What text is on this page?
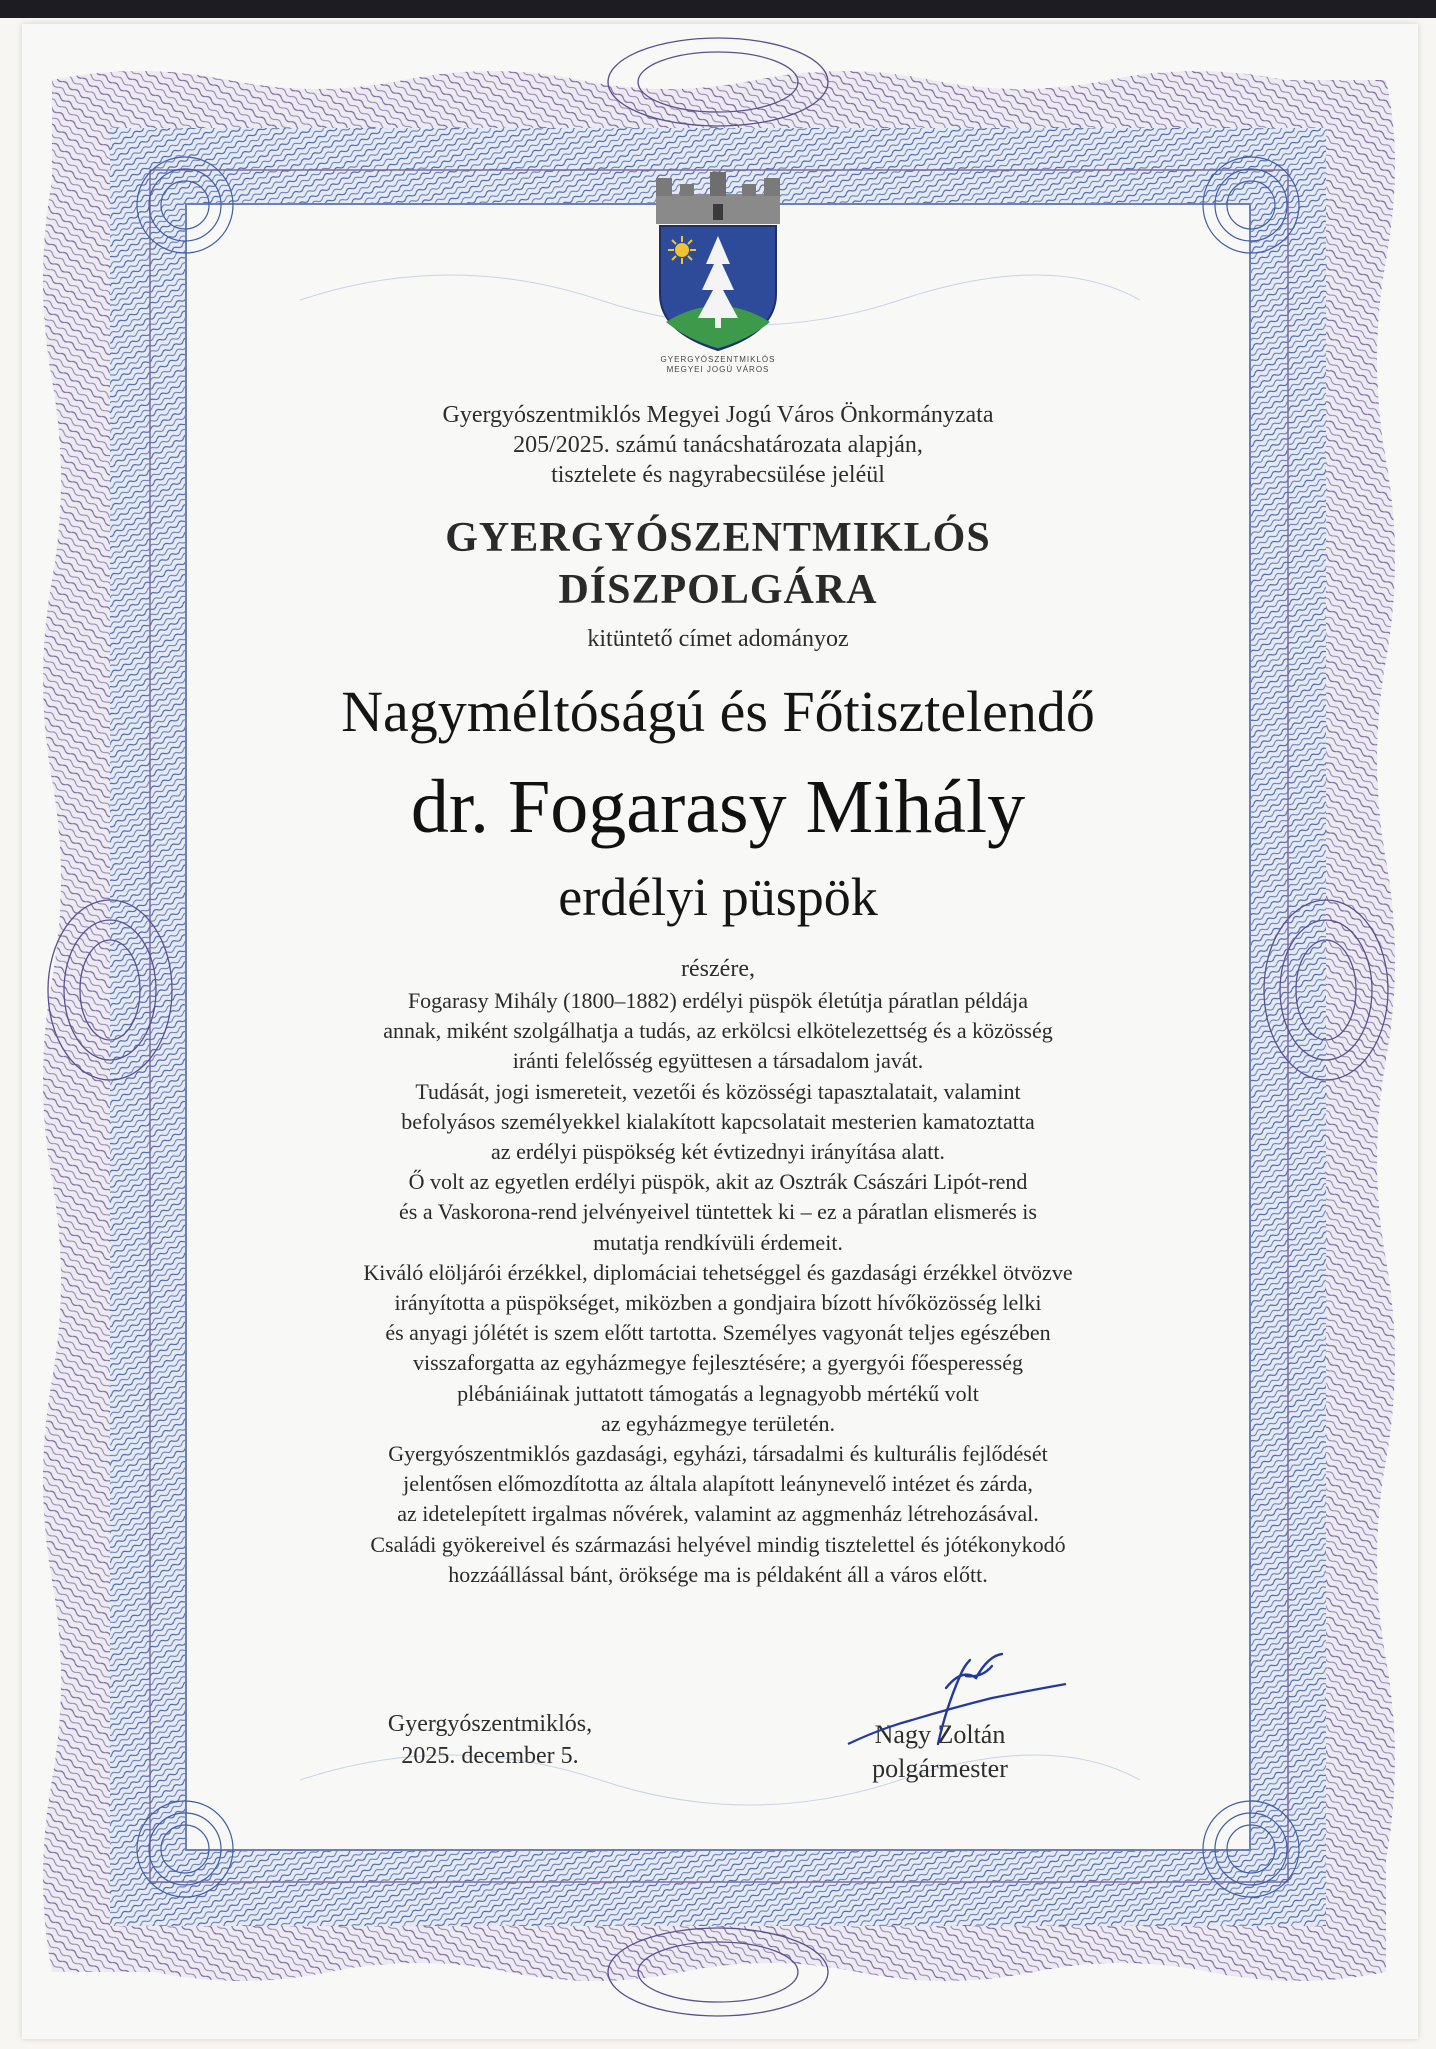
GYERGYÓSZENTMIKLÓS
MEGYEI JOGÚ VÁROS
Gyergyószentmiklós Megyei Jogú Város Önkormányzata
205/2025. számú tanácshatározata alapján,
tisztelete és nagyrabecsülése jeléül
GYERGYÓSZENTMIKLÓS
DÍSZPOLGÁRA
kitüntető címet adományoz
Nagyméltóságú és Főtisztelendő
dr. Fogarasy Mihály
erdélyi püspök
részére,
Fogarasy Mihály (1800–1882) erdélyi püspök életútja páratlan példája
annak, miként szolgálhatja a tudás, az erkölcsi elkötelezettség és a közösség
iránti felelősség együttesen a társadalom javát.
Tudását, jogi ismereteit, vezetői és közösségi tapasztalatait, valamint
befolyásos személyekkel kialakított kapcsolatait mesterien kamatoztatta
az erdélyi püspökség két évtizednyi irányítása alatt.
Ő volt az egyetlen erdélyi püspök, akit az Osztrák Császári Lipót-rend
és a Vaskorona-rend jelvényeivel tüntettek ki – ez a páratlan elismerés is
mutatja rendkívüli érdemeit.
Kiváló elöljárói érzékkel, diplomáciai tehetséggel és gazdasági érzékkel ötvözve
irányította a püspökséget, miközben a gondjaira bízott hívőközösség lelki
és anyagi jólétét is szem előtt tartotta. Személyes vagyonát teljes egészében
visszaforgatta az egyházmegye fejlesztésére; a gyergyói főesperesség
plébániáinak juttatott támogatás a legnagyobb mértékű volt
az egyházmegye területén.
Gyergyószentmiklós gazdasági, egyházi, társadalmi és kulturális fejlődését
jelentősen előmozdította az általa alapított leánynevelő intézet és zárda,
az idetelepített irgalmas nővérek, valamint az aggmenház létrehozásával.
Családi gyökereivel és származási helyével mindig tisztelettel és jótékonykodó
hozzáállással bánt, öröksége ma is példaként áll a város előtt.
Gyergyószentmiklós,
2025. december 5.
Nagy Zoltán
polgármester
